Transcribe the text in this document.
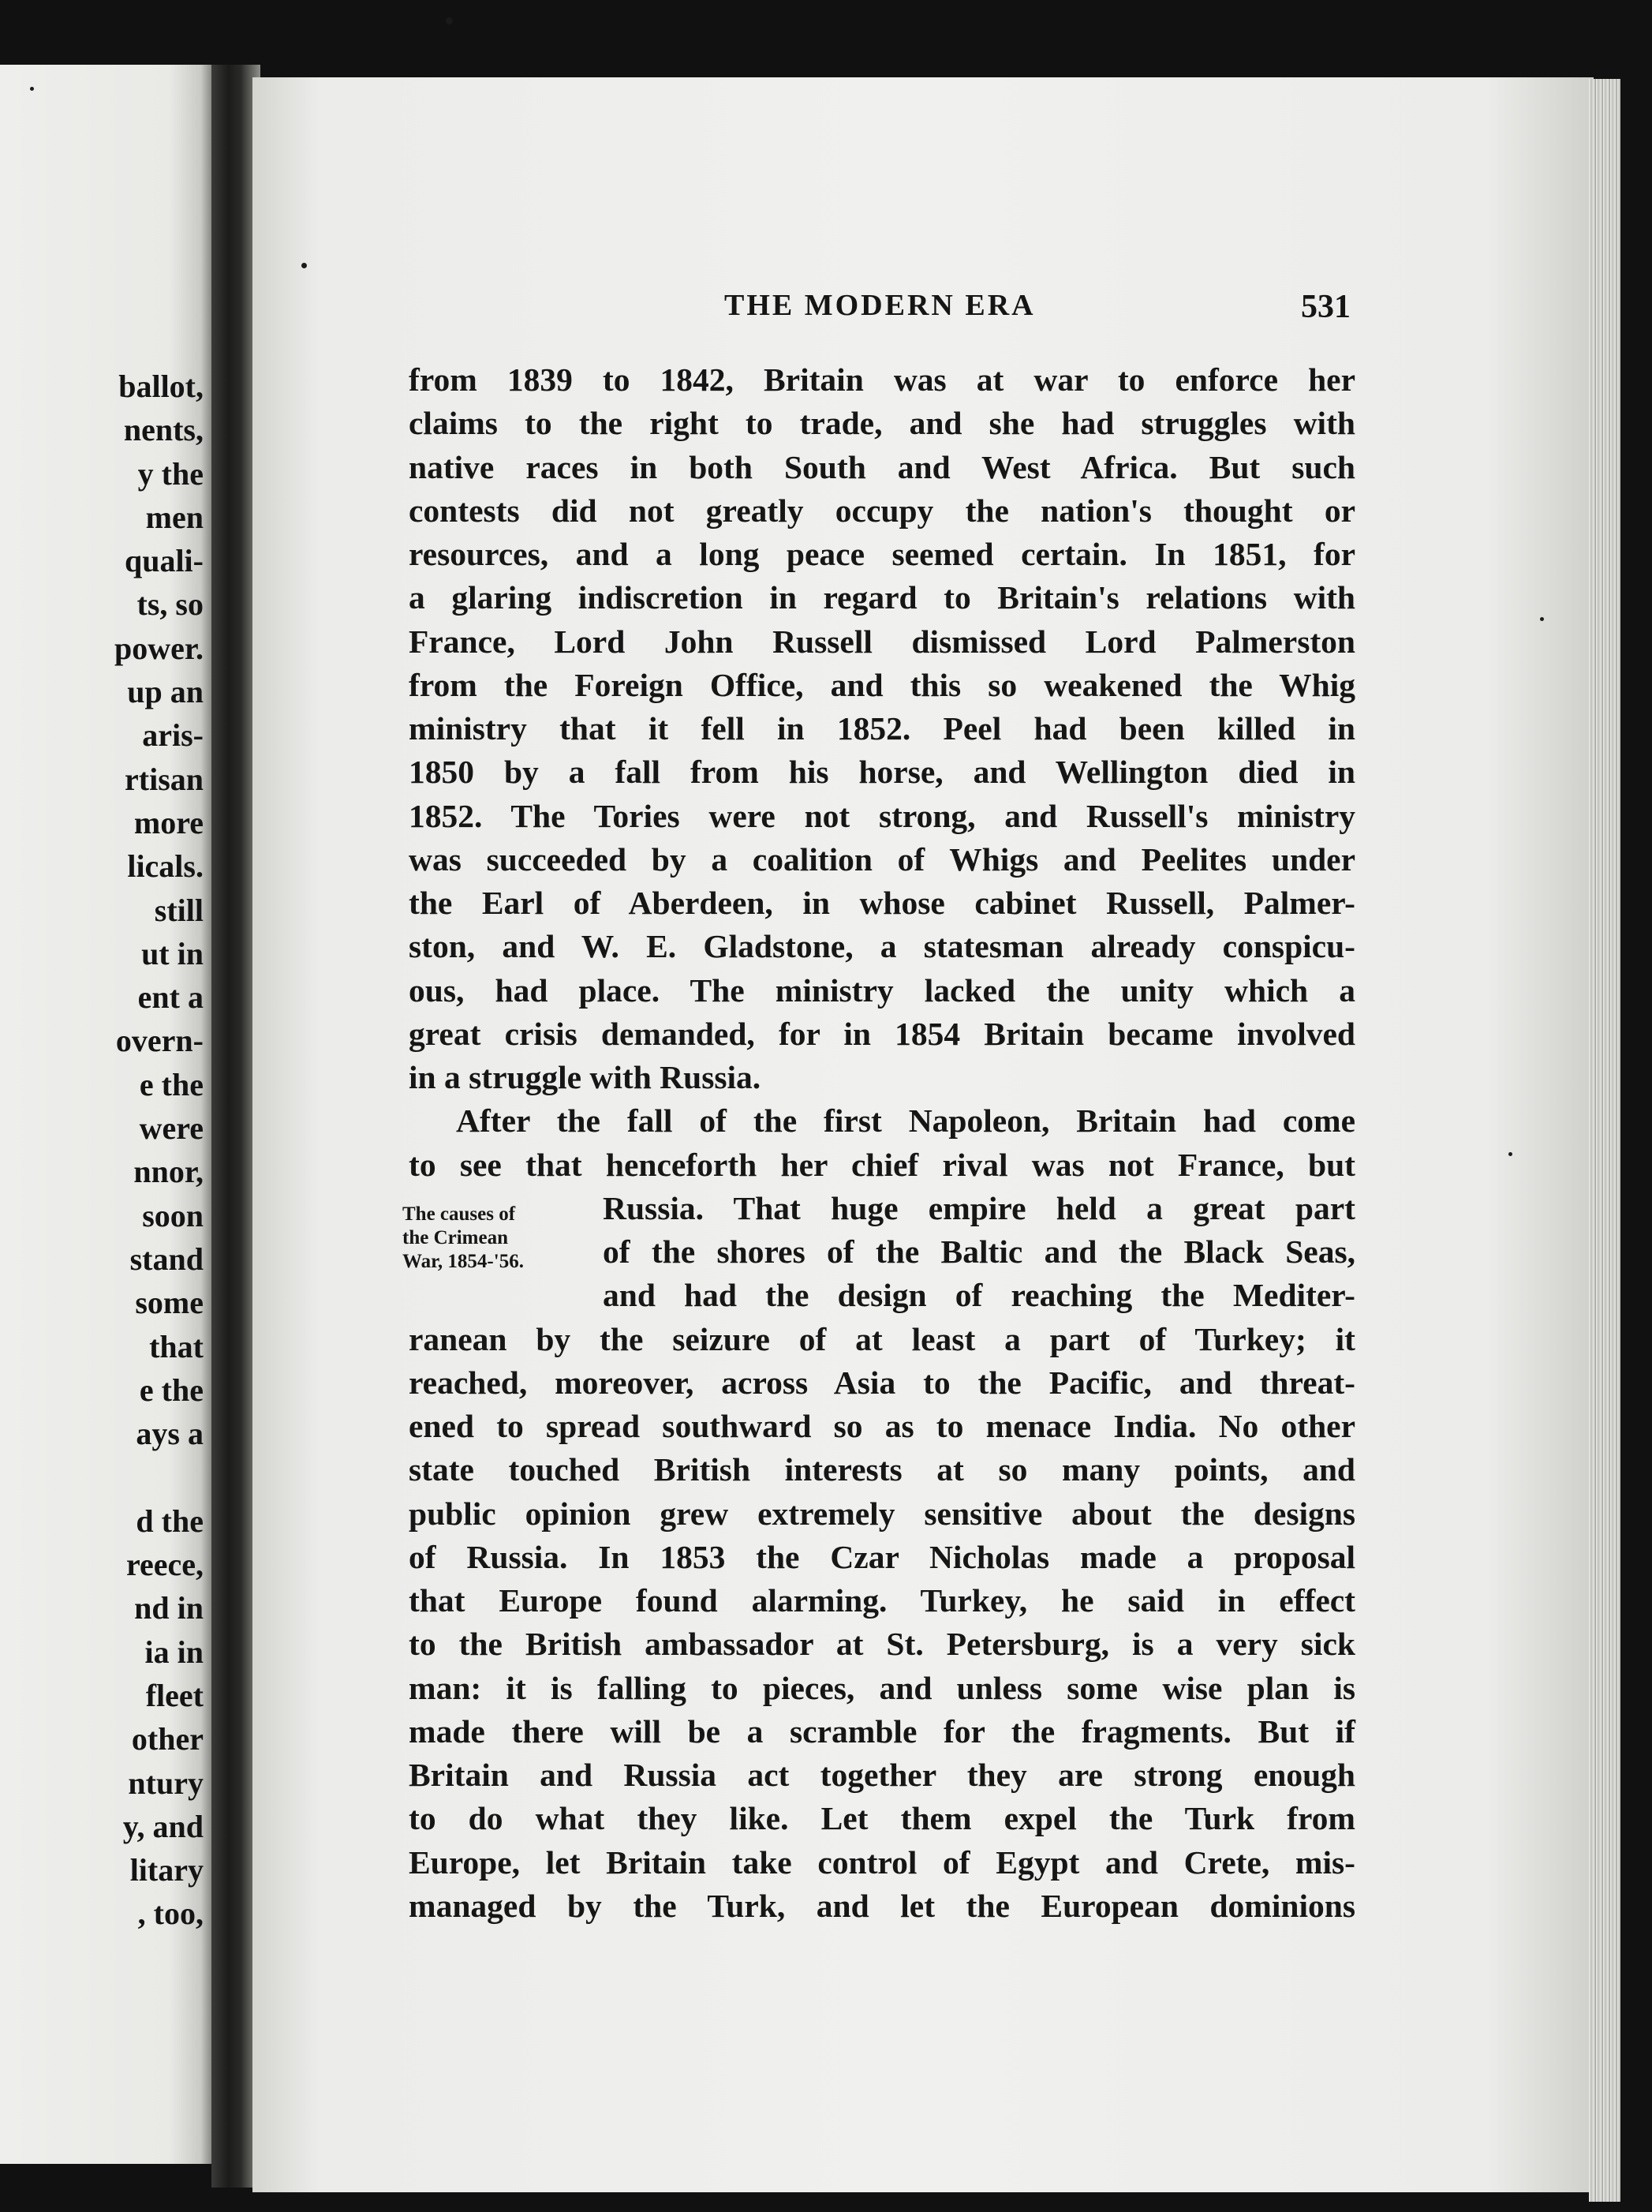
ballot,
nents,
y the
men
quali-
ts, so
power.
up an
aris-
rtisan
more
licals.
still
ut in
ent a
overn-
e the
were
nnor,
soon
stand
some
that
e the
ays a

d the
reece,
nd in
ia in
fleet
other
ntury
y, and
litary
, too,
THE MODERN ERA	531
from 1839 to 1842, Britain was at war to enforce her
claims to the right to trade, and she had struggles with
native races in both South and West Africa. But such
contests did not greatly occupy the nation's thought or
resources, and a long peace seemed certain. In 1851, for
a glaring indiscretion in regard to Britain's relations with
France, Lord John Russell dismissed Lord Palmerston
from the Foreign Office, and this so weakened the Whig
ministry that it fell in 1852. Peel had been killed in
1850 by a fall from his horse, and Wellington died in
1852. The Tories were not strong, and Russell's ministry
was succeeded by a coalition of Whigs and Peelites under
the Earl of Aberdeen, in whose cabinet Russell, Palmer-
ston, and W. E. Gladstone, a statesman already conspicu-
ous, had place. The ministry lacked the unity which a
great crisis demanded, for in 1854 Britain became involved
in a struggle with Russia.
After the fall of the first Napoleon, Britain had come
to see that henceforth her chief rival was not France, but
Russia. That huge empire held a great part
of the shores of the Baltic and the Black Seas,
and had the design of reaching the Mediter-
ranean by the seizure of at least a part of Turkey; it
reached, moreover, across Asia to the Pacific, and threat-
ened to spread southward so as to menace India. No other
state touched British interests at so many points, and
public opinion grew extremely sensitive about the designs
of Russia. In 1853 the Czar Nicholas made a proposal
that Europe found alarming. Turkey, he said in effect
to the British ambassador at St. Petersburg, is a very sick
man: it is falling to pieces, and unless some wise plan is
made there will be a scramble for the fragments. But if
Britain and Russia act together they are strong enough
to do what they like. Let them expel the Turk from
Europe, let Britain take control of Egypt and Crete, mis-
managed by the Turk, and let the European dominions
The causes of
the Crimean
War, 1854-'56.
